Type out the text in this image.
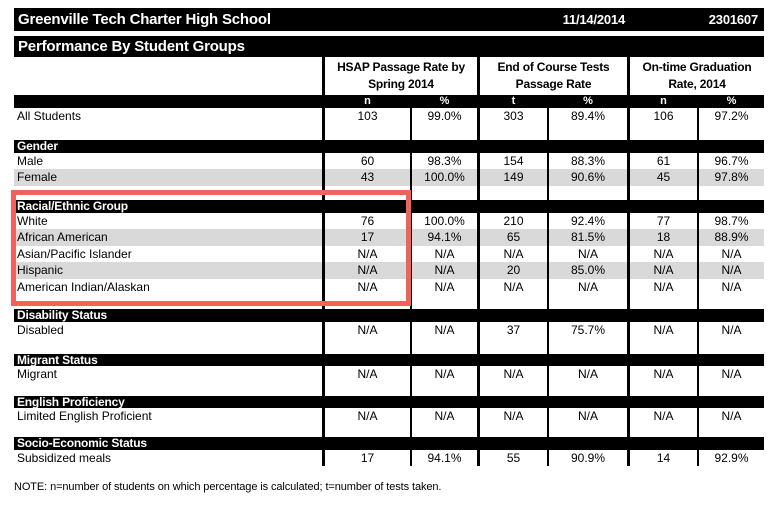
Greenville Tech Charter High School	11/14/2014	2301607
Performance By Student Groups
HSAP Passage Rate by
Spring 2014
End of Course Tests
Passage Rate
On-time Graduation
Rate, 2014
n	%	t	%	n	%
All Students	103	99.0%	303	89.4%	106	97.2%
Gender
Male	60	98.3%	154	88.3%	61	96.7%
Female	43	100.0%	149	90.6%	45	97.8%
Racial/Ethnic Group
White	76	100.0%	210	92.4%	77	98.7%
African American	17	94.1%	65	81.5%	18	88.9%
Asian/Pacific Islander	N/A	N/A	N/A	N/A	N/A	N/A
Hispanic	N/A	N/A	20	85.0%	N/A	N/A
American Indian/Alaskan	N/A	N/A	N/A	N/A	N/A	N/A
Disability Status
Disabled	N/A	N/A	37	75.7%	N/A	N/A
Migrant Status
Migrant	N/A	N/A	N/A	N/A	N/A	N/A
English Proficiency
Limited English Proficient	N/A	N/A	N/A	N/A	N/A	N/A
Socio-Economic Status
Subsidized meals	17	94.1%	55	90.9%	14	92.9%
NOTE: n=number of students on which percentage is calculated; t=number of tests taken.
